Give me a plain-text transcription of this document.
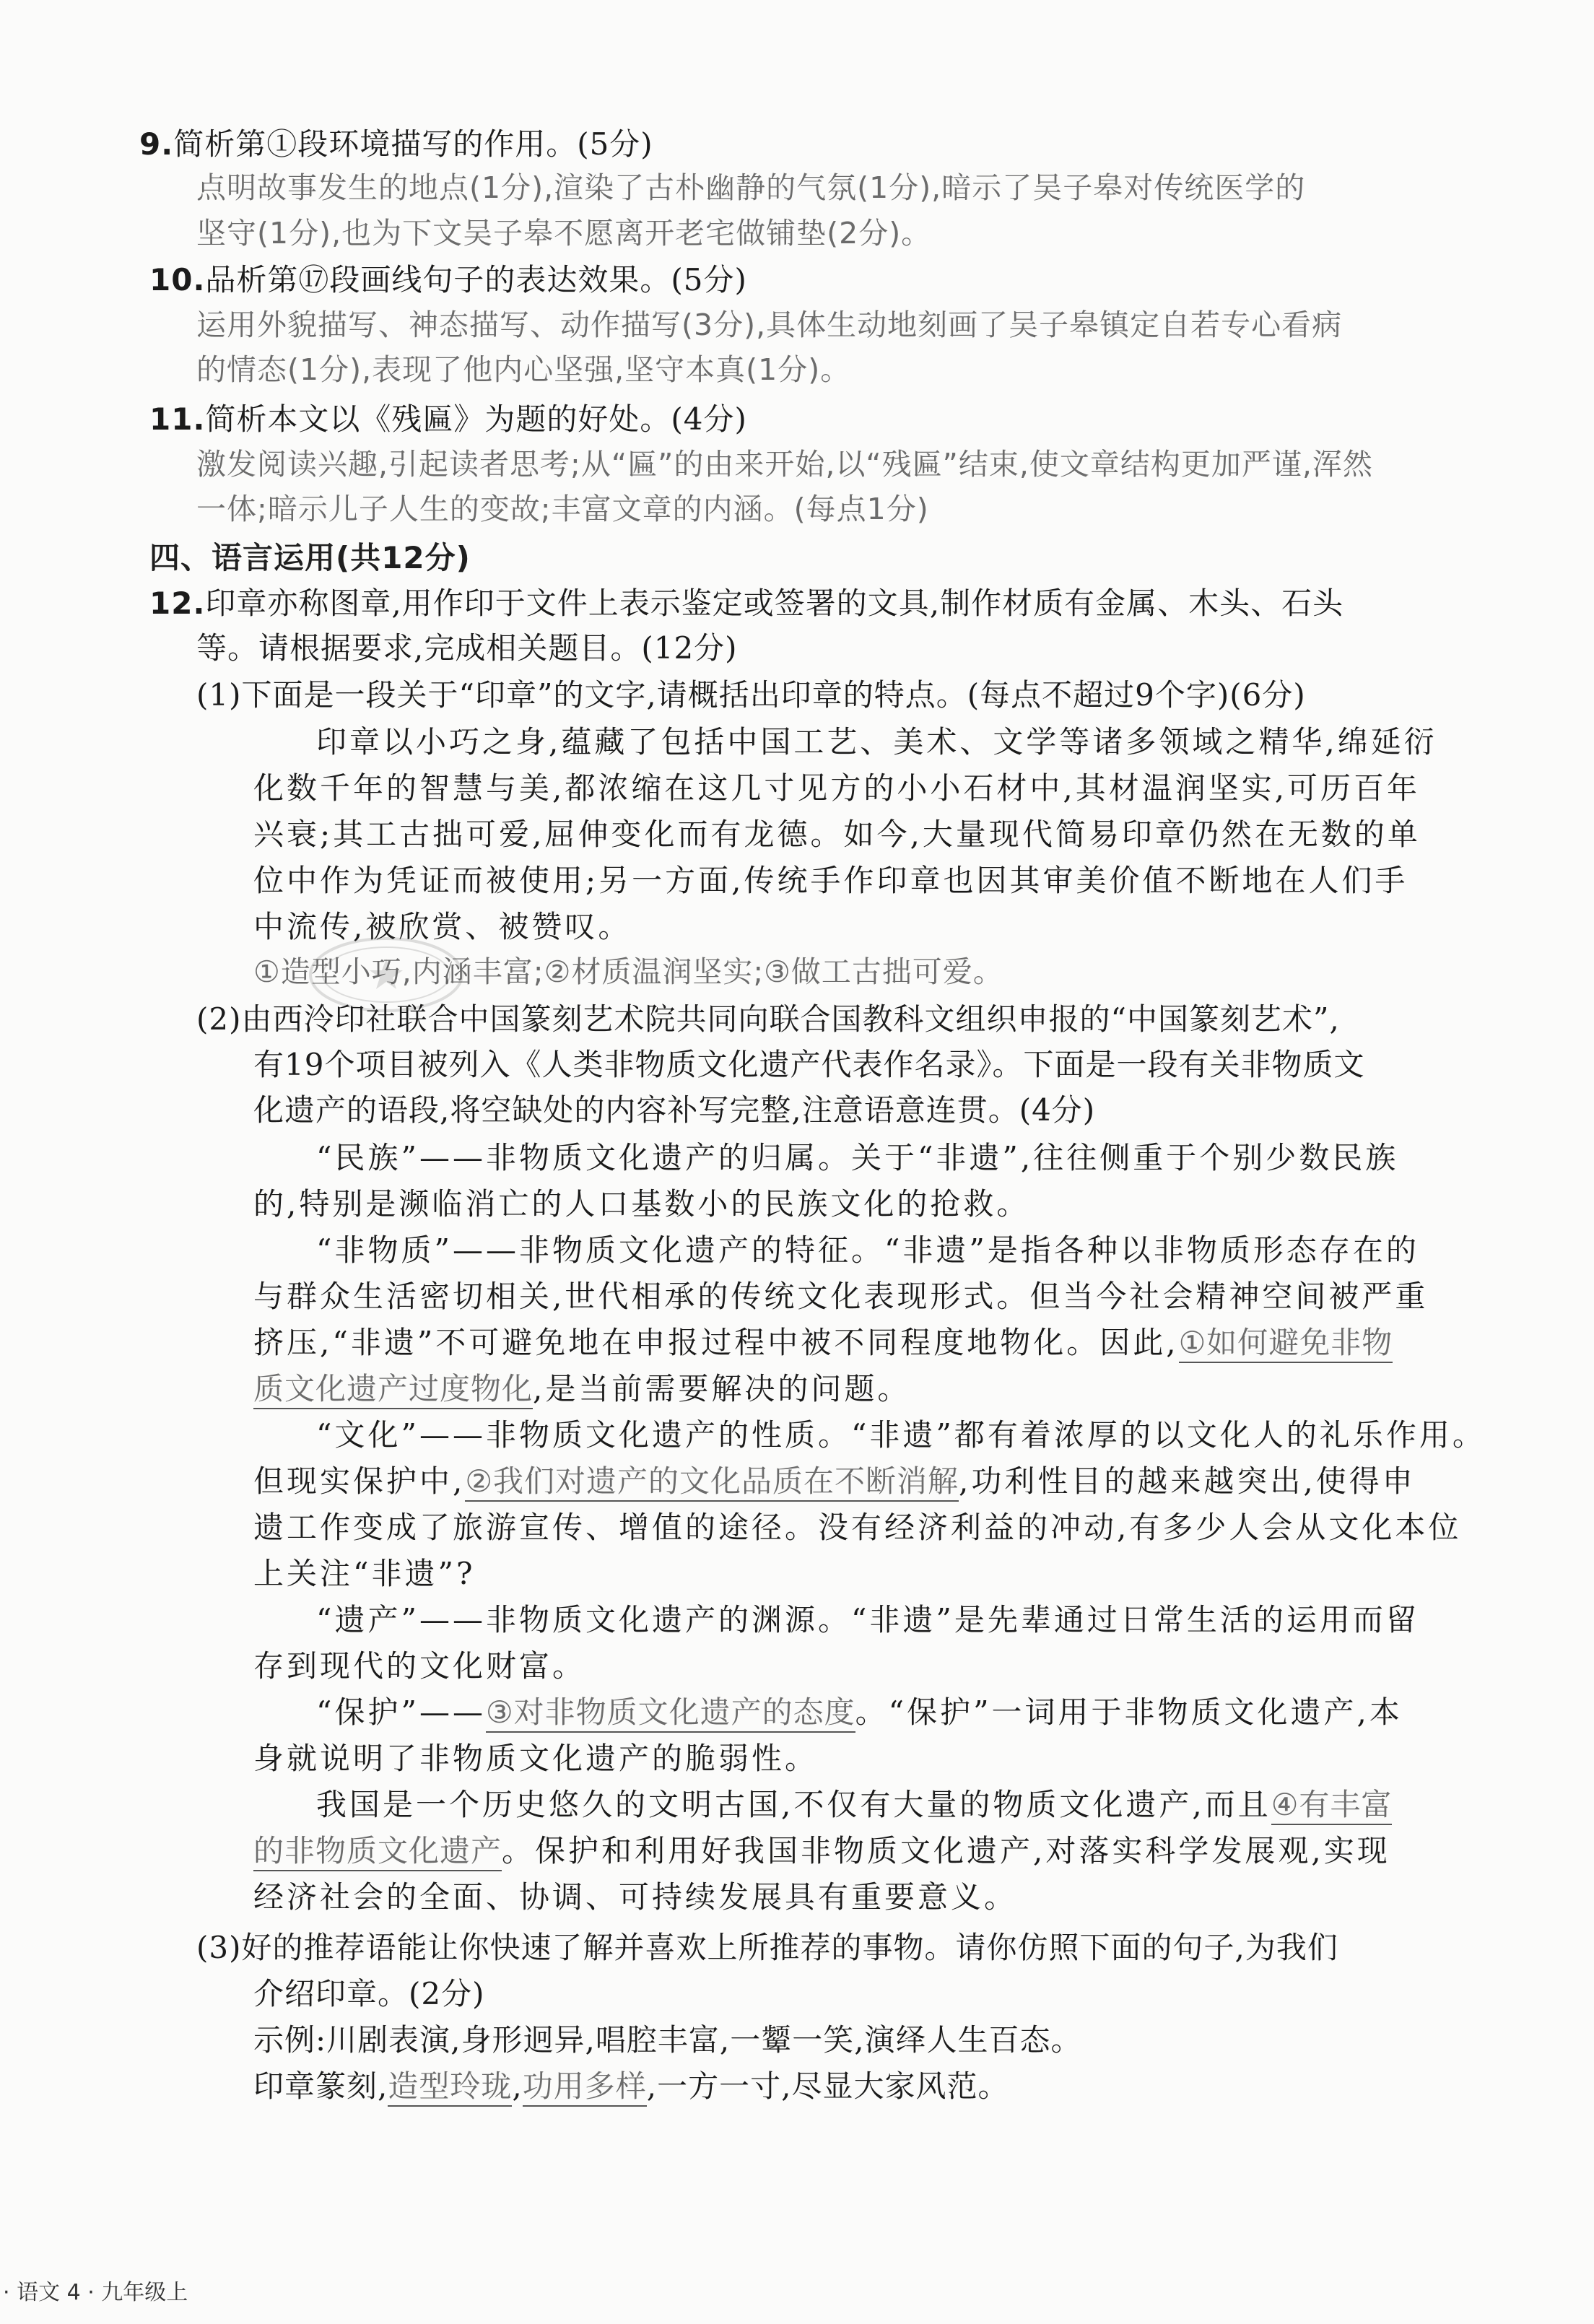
9.简析第①段环境描写的作用。(5分)
点明故事发生的地点(1分),渲染了古朴幽静的气氛(1分),暗示了吴子皋对传统医学的
坚守(1分),也为下文吴子皋不愿离开老宅做铺垫(2分)。
10.品析第⑰段画线句子的表达效果。(5分)
运用外貌描写、神态描写、动作描写(3分),具体生动地刻画了吴子皋镇定自若专心看病
的情态(1分),表现了他内心坚强,坚守本真(1分)。
11.简析本文以《残匾》为题的好处。(4分)
激发阅读兴趣,引起读者思考;从“匾”的由来开始,以“残匾”结束,使文章结构更加严谨,浑然
一体;暗示儿子人生的变故;丰富文章的内涵。(每点1分)
四、语言运用(共12分)
12.印章亦称图章,用作印于文件上表示鉴定或签署的文具,制作材质有金属、木头、石头
等。请根据要求,完成相关题目。(12分)
(1)下面是一段关于“印章”的文字,请概括出印章的特点。(每点不超过9个字)(6分)
印章以小巧之身,蕴藏了包括中国工艺、美术、文学等诸多领域之精华,绵延衍
化数千年的智慧与美,都浓缩在这几寸见方的小小石材中,其材温润坚实,可历百年
兴衰;其工古拙可爱,屈伸变化而有龙德。如今,大量现代简易印章仍然在无数的单
位中作为凭证而被使用;另一方面,传统手作印章也因其审美价值不断地在人们手
中流传,被欣赏、被赞叹。
①造型小巧,内涵丰富;②材质温润坚实;③做工古拙可爱。
(2)由西泠印社联合中国篆刻艺术院共同向联合国教科文组织申报的“中国篆刻艺术”,
有19个项目被列入《人类非物质文化遗产代表作名录》。下面是一段有关非物质文
化遗产的语段,将空缺处的内容补写完整,注意语意连贯。(4分)
“民族”——非物质文化遗产的归属。关于“非遗”,往往侧重于个别少数民族
的,特别是濒临消亡的人口基数小的民族文化的抢救。
“非物质”——非物质文化遗产的特征。“非遗”是指各种以非物质形态存在的
与群众生活密切相关,世代相承的传统文化表现形式。但当今社会精神空间被严重
挤压,“非遗”不可避免地在申报过程中被不同程度地物化。因此,①如何避免非物
质文化遗产过度物化,是当前需要解决的问题。
“文化”——非物质文化遗产的性质。“非遗”都有着浓厚的以文化人的礼乐作用。
但现实保护中,②我们对遗产的文化品质在不断消解,功利性目的越来越突出,使得申
遗工作变成了旅游宣传、增值的途径。没有经济利益的冲动,有多少人会从文化本位
上关注“非遗”?
“遗产”——非物质文化遗产的渊源。“非遗”是先辈通过日常生活的运用而留
存到现代的文化财富。
“保护”——③对非物质文化遗产的态度。“保护”一词用于非物质文化遗产,本
身就说明了非物质文化遗产的脆弱性。
我国是一个历史悠久的文明古国,不仅有大量的物质文化遗产,而且④有丰富
的非物质文化遗产。保护和利用好我国非物质文化遗产,对落实科学发展观,实现
经济社会的全面、协调、可持续发展具有重要意义。
(3)好的推荐语能让你快速了解并喜欢上所推荐的事物。请你仿照下面的句子,为我们
介绍印章。(2分)
示例:川剧表演,身形迥异,唱腔丰富,一颦一笑,演绎人生百态。
印章篆刻,造型玲珑,功用多样,一方一寸,尽显大家风范。
· 语文 4 · 九年级上
